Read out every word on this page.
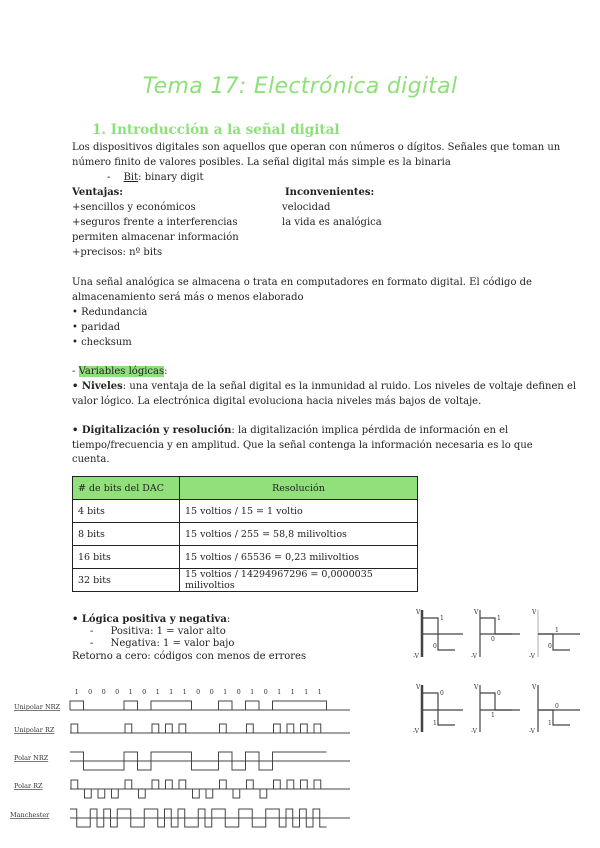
Tema 17: Electrónica digital
1. Introducción a la señal digital
Los dispositivos digitales son aquellos que operan con números o dígitos. Señales que toman un
número finito de valores posibles. La señal digital más simple es la binaria
- Bit: binary digit
Ventajas:
+sencillos y económicos
+seguros frente a interferencias
permiten almacenar información
+precisos: nº bits
Inconvenientes:
velocidad
la vida es analógica
Una señal analógica se almacena o trata en computadores en formato digital. El código de
almacenamiento será más o menos elaborado
• Redundancia
• paridad
• checksum
- Variables lógicas:
• Niveles: una ventaja de la señal digital es la inmunidad al ruido. Los niveles de voltaje definen el
valor lógico. La electrónica digital evoluciona hacia niveles más bajos de voltaje.
• Digitalización y resolución: la digitalización implica pérdida de información en el
tiempo/frecuencia y en amplitud. Que la señal contenga la información necesaria es lo que
cuenta.
# de bits del DAC	Resolución
4 bits	15 voltios / 15 = 1 voltio
8 bits	15 voltios / 255 = 58,8 milivoltios
16 bits	15 voltios / 65536 = 0,23 milivoltios
32 bits	15 voltios / 14294967296 = 0,0000035 milivoltios
• Lógica positiva y negativa:
- Positiva: 1 = valor alto
- Negativa: 1 = valor bajo
Retorno a cero: códigos con menos de errores
V
-V
1
0
V
-V
1
0
V
-V
1
0
V
-V
0
1
V
-V
0
1
V
-V
0
1
1 0 0 0 1 0 1 1 1 0 0 1 0 1 0 1 1 1 1
Unipolar NRZ
Unipolar RZ
Polar NRZ
Polar RZ
Manchester
